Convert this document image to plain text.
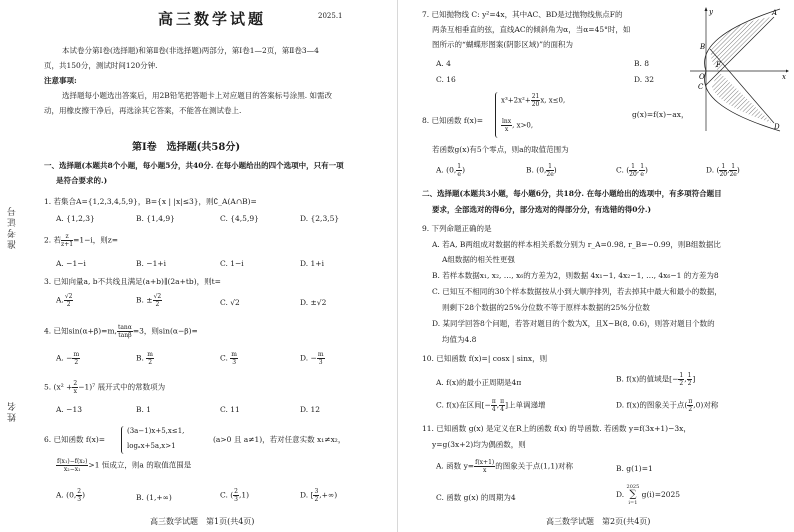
准考证号
姓名
高三数学试题	2025.1
本试卷分第Ⅰ卷(选择题)和第Ⅱ卷(非选择题)两部分，第Ⅰ卷1—2页，第Ⅱ卷3—4
页，共150分，测试时间120分钟.
注意事项:
选择题每小题选出答案后，用2B铅笔把答题卡上对应题目的答案标号涂黑. 如需改
动，用橡皮擦干净后，再选涂其它答案，不能答在测试卷上.
第Ⅰ卷　选择题(共58分)
一、选择题(本题共8个小题，每小题5分，共40分. 在每小题给出的四个选项中，只有一项
是符合要求的.)
1. 若集合A={1,2,3,4,5,9}，B={x | |x|≤3}，则∁_A(A∩B)=
A. {1,2,3}	B. {1,4,9}	C. {4,5,9}	D. {2,3,5}
2. 若 $\frac{z}{z+1} =1-i$，则z=
A. −1−i	B. −1+i	C. 1−i	D. 1+i
3. 已知向量a, b不共线且满足(a+b)∥(2a+tb)，则t=
A. $\frac{√2}{2}$	B. ± $\frac{√2}{2}$	C. √2	D. ±√2
4. 已知sin(α+β)=m, $\frac{\tan\alpha}{\tan\beta} =3$，则sin(α−β)=
A. − $\frac{m}{2}$	B. $\frac{m}{2}$	C. $\frac{m}{3}$	D. − $\frac{m}{3}$
5. $(x^2 + \frac{2}{x} -1)^7$ 展开式中的常数项为
A. −13	B. 1	C. 11	D. 12
6. 已知函数 f(x)=
(3a−1)x+5,x≤1,
logₐx+5a,x>1
(a>0 且 a≠1)，若对任意实数 x₁≠x₂，
$\frac{\text{f(x₁)−f(x₂)}}{\text{x₂−x₁}} >1$ 恒成立，则a 的取值范围是
A. (0, $\frac{2}{3}$ )	B. (1,+∞)	C. ( $\frac{2}{3} ,1$)	D. [ $\frac{3}{2}$ ,+∞)
高三数学试题　第1页(共4页)
7. 已知抛物线 C: y²=4x，其中AC、BD是过抛物线焦点F的
两条互相垂直的弦，直线AC的倾斜角为α，当α=45°时，如
图所示的“蝴蝶形图案(阴影区域)”的面积为
A. 4	B. 8
C. 16	D. 32
A
B
C
D
F
O	x
y
8. 已知函数 f(x)=
$x^3+2x^2+ \frac{21}{20} x$, x≤0,
$\frac{\ln x}{x}$ , x>0,
g(x)=f(x)−ax，
若函数g(x)有5个零点，则a的取值范围为
A. (0, $\frac{1}{e}$ )	B. (0, $\frac{1}{2e}$ )	C. ( $\frac{1}{20}$ , $\frac{1}{e}$ )	D. ( $\frac{1}{20}$ , $\frac{1}{2e}$ )
二、选择题(本题共3小题，每小题6分，共18分. 在每小题给出的选项中，有多项符合题目
要求，全部选对的得6分，部分选对的得部分分，有选错的得0分.)
9. 下列命题正确的是
A. 若A, B两组成对数据的样本相关系数分别为 r_A=0.98, r_B=−0.99，则B组数据比
A组数据的相关性更强
B. 若样本数据x₁, x₂, …, x₆的方差为2，则数据 4x₁−1, 4x₂−1, …, 4x₆−1 的方差为8
C. 已知互不相同的30个样本数据按从小到大顺序排列，若去掉其中最大和最小的数据，
则剩下28个数据的25%分位数不等于原样本数据的25%分位数
D. 某同学回答8个问题，若答对题目的个数为X，且X~B(8, 0.6)，则答对题目个数的
均值为4.8
10. 已知函数 f(x)=| cosx | sinx，则
A. f(x)的最小正周期是4π	B. f(x)的值域是[− $\frac{1}{2}$ , $\frac{1}{2}$ ]
C. f(x)在区间[− $\frac{\pi}{4}$ , $\frac{\pi}{4}$ ]上单调递增	D. f(x)的图象关于点( $\frac{\pi}{2} ,0$)对称
11. 已知函数 g(x) 是定义在R上的函数 f(x) 的导函数. 若函数 y=f(3x+1)−3x，
y=g(3x+2)均为偶函数，则
A. 函数 $y= \frac{f(x+1)}{x}$ 的图象关于点(1,1)对称	B. g(1)=1
C. 函数 g(x) 的周期为4	D.
2025
∑
i=1
g(i)=2025
高三数学试题　第2页(共4页)
